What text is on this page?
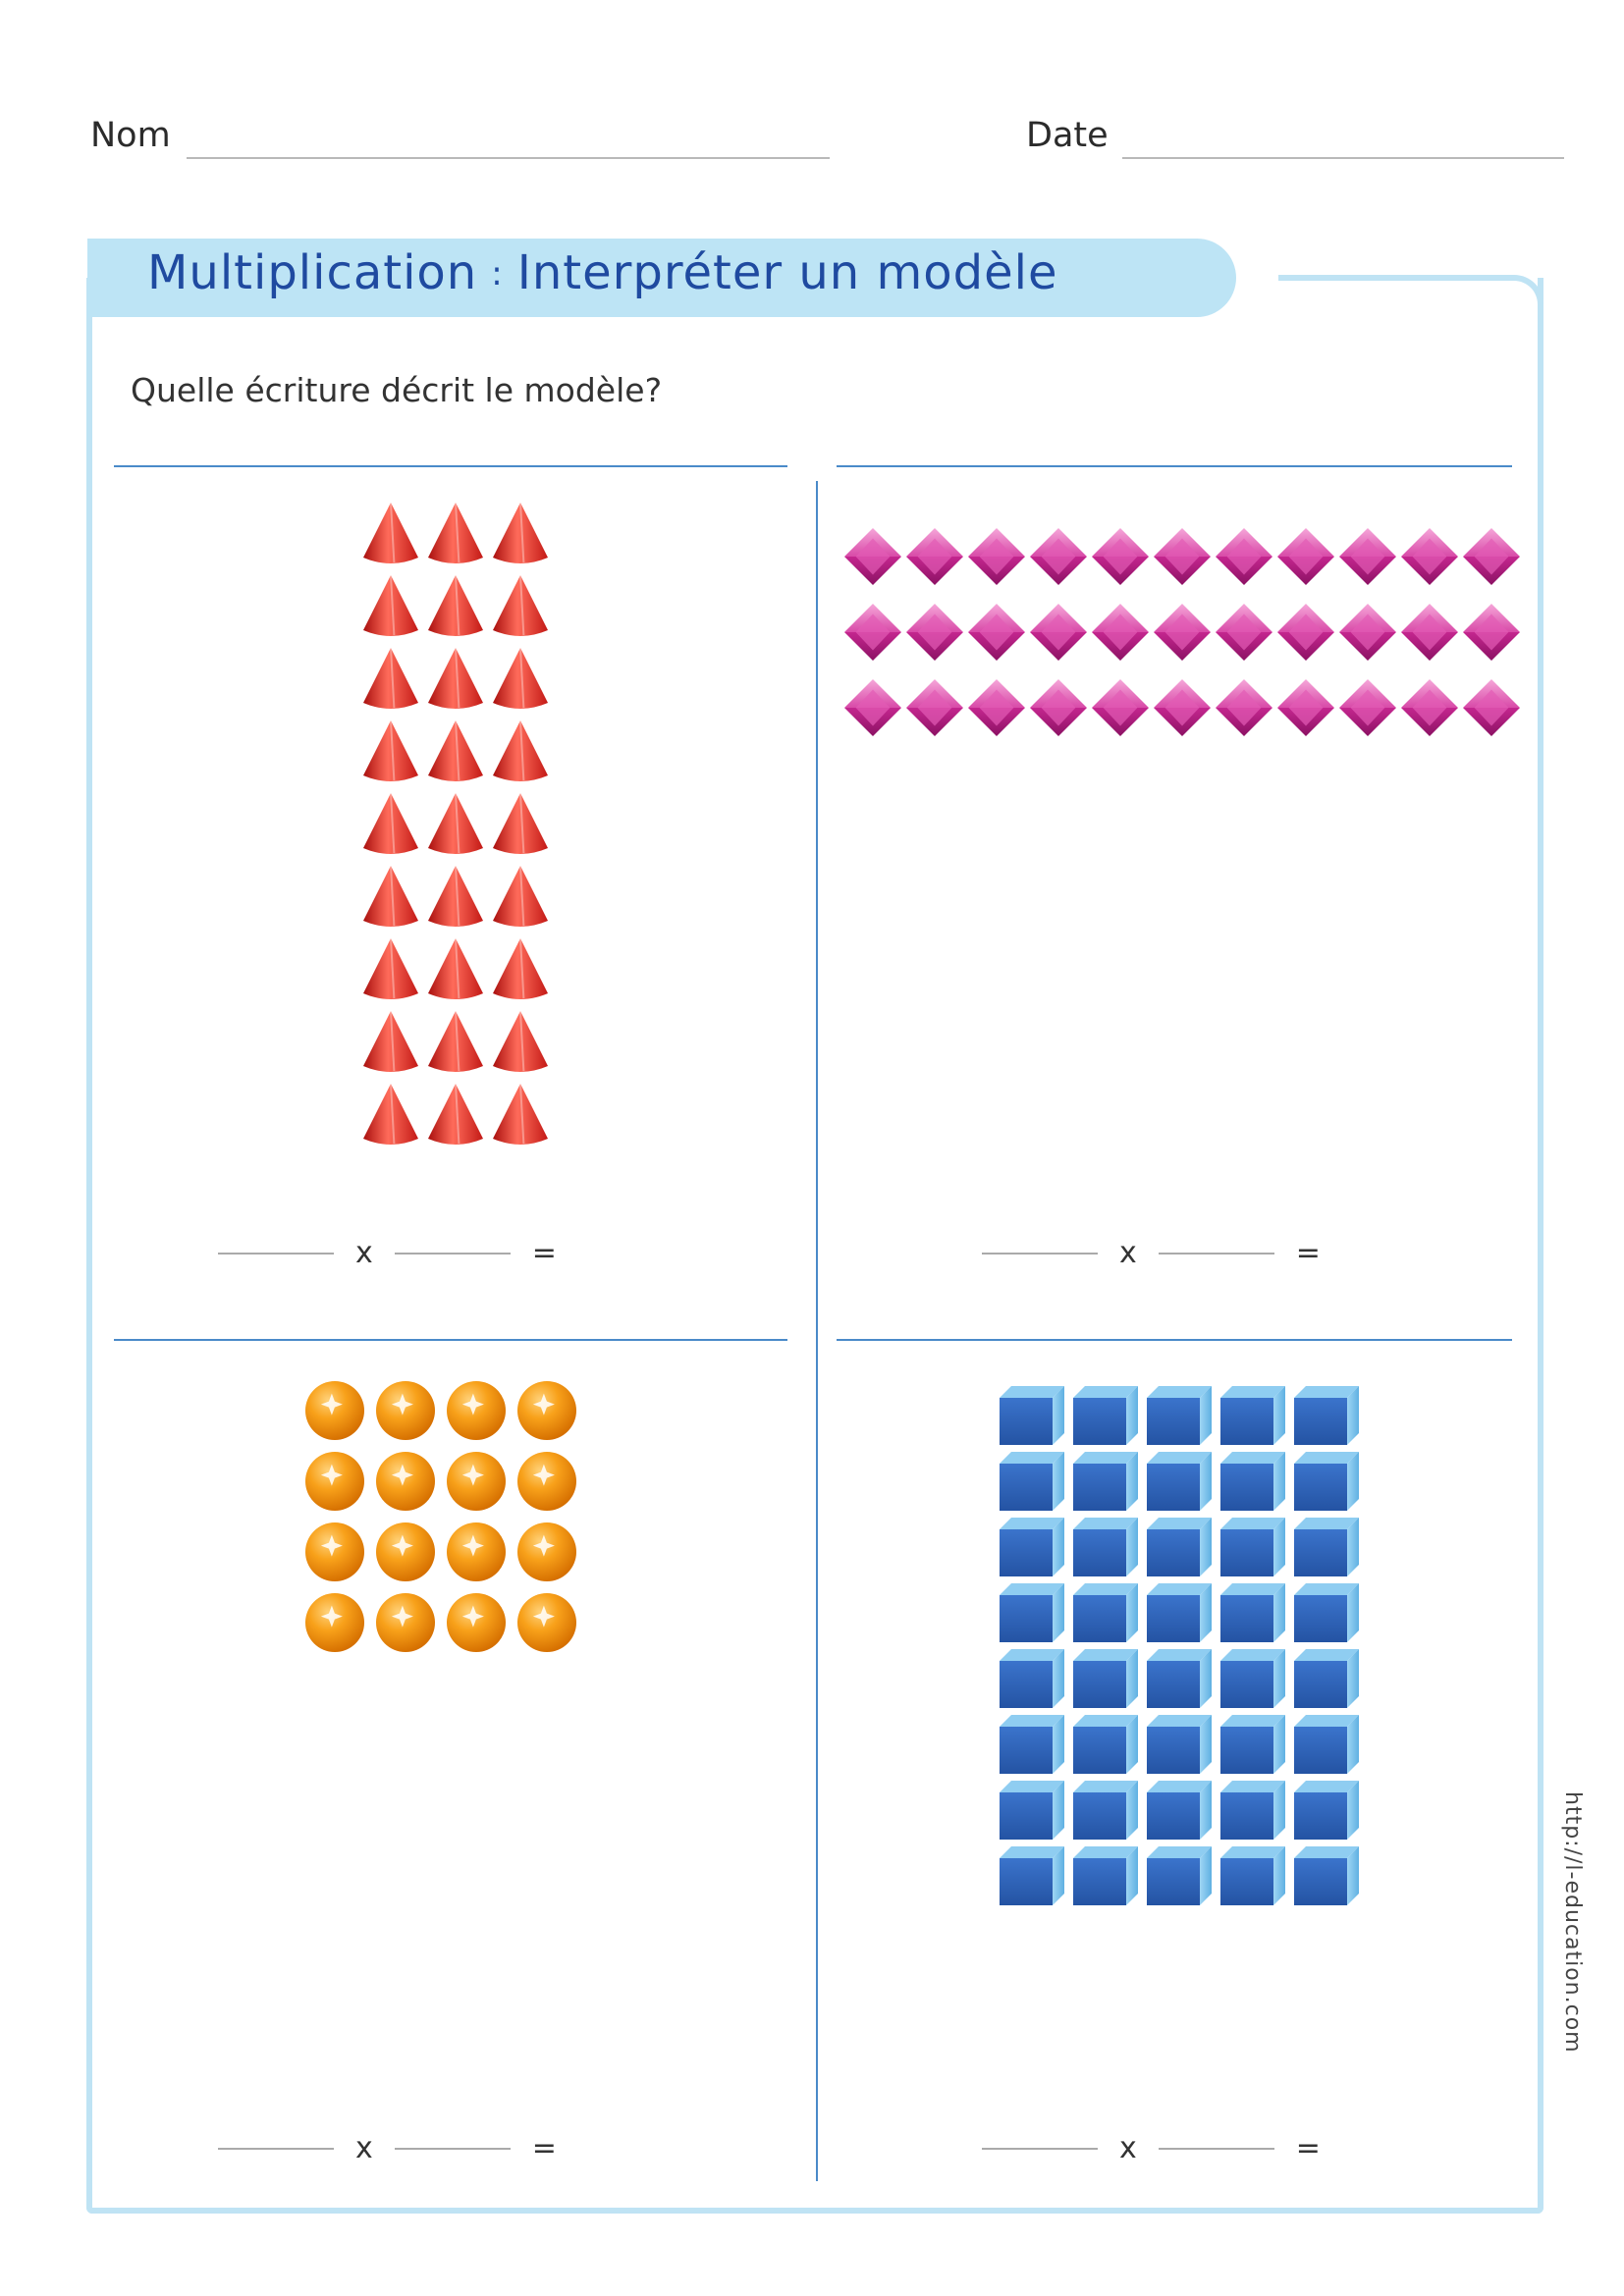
Nom	Date
Multiplication : Interpréter un modèle
Quelle écriture décrit le modèle?
x	=	x	=
x	=	x	=
http://l-education.com
